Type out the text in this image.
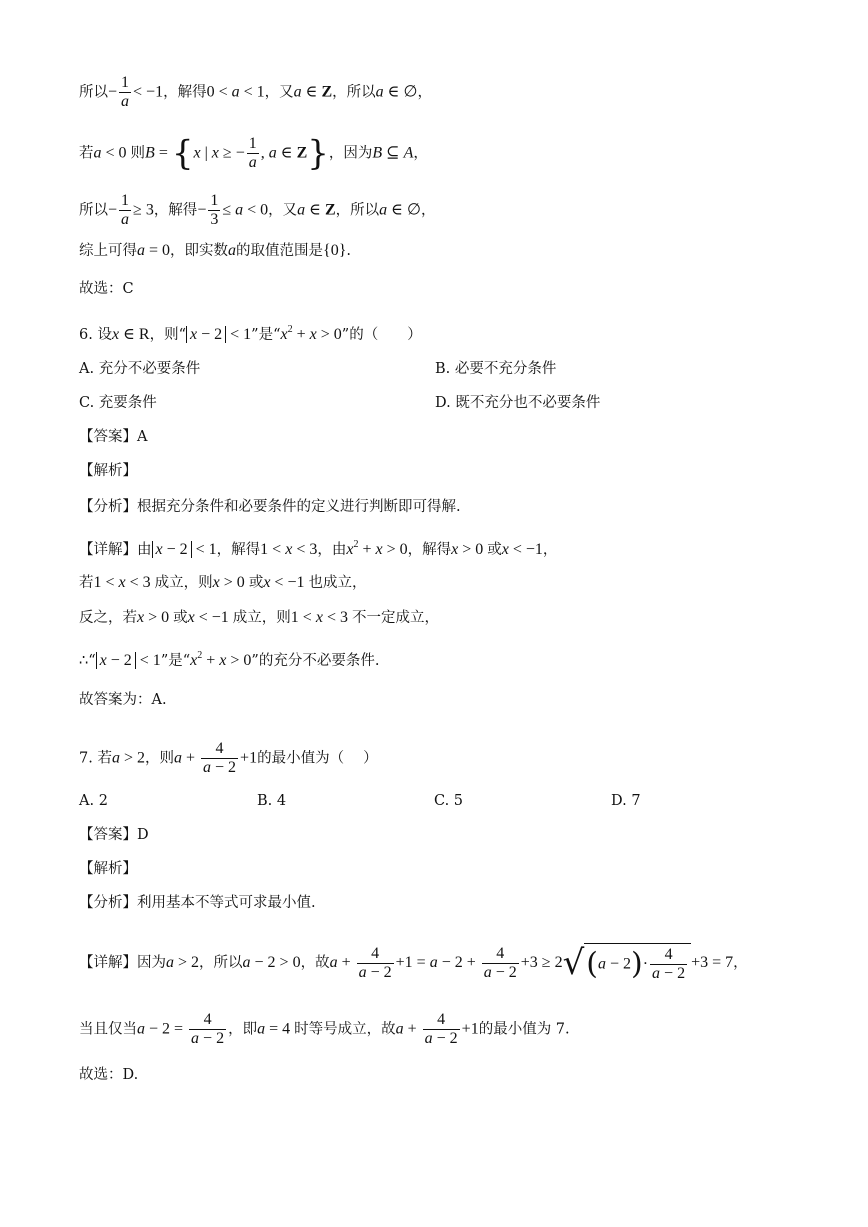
所以− $\frac{1}{a} < -1$，解得0 < a < 1，又a ∈ Z，所以a ∈ ∅，
若a < 0 则B = {x | x ≥ − $\frac{1}{a}$ , a ∈ Z}，因为B ⊆ A，
所以− $\frac{1}{a} \ge 3$，解得− $\frac{1}{3} \le a < 0$，又a ∈ Z，所以a ∈ ∅，
综上可得a = 0，即实数a的取值范围是{0}.
故选：C
6. 设x ∈ R，则“ x − 2 < 1”是“$x^2 + x > 0$”的（　　）
A. 充分不必要条件	B. 必要不充分条件
C. 充要条件	D. 既不充分也不必要条件
【答案】A
【解析】
【分析】根据充分条件和必要条件的定义进行判断即可得解.
【详解】由 x − 2 < 1，解得1 < x < 3，由$x^2 + x > 0$，解得x > 0 或x < −1，
若1 < x < 3 成立，则x > 0 或x < −1 也成立，
反之，若x > 0 或x < −1 成立，则1 < x < 3 不一定成立，
∴“ x − 2 < 1”是“$x^2 + x > 0$”的充分不必要条件.
故答案为：A.
7. 若a > 2，则$a + \frac{4}{a - 2} +1$的最小值为（　 ）
A. 2	B. 4	C. 5	D. 7
【答案】D
【解析】
【分析】利用基本不等式可求最小值.
【详解】因为a > 2，所以a − 2 > 0，故$a + \frac{4}{a - 2} +1 = a - 2 + \frac{4}{a - 2} +3 \ge 2√(a - 2)\cdot \frac{4}{a - 2} +3 = 7$，
当且仅当$a - 2 = \frac{4}{a - 2}$ ，即a = 4 时等号成立，故$a + \frac{4}{a - 2} +1$的最小值为 7.
故选：D.
